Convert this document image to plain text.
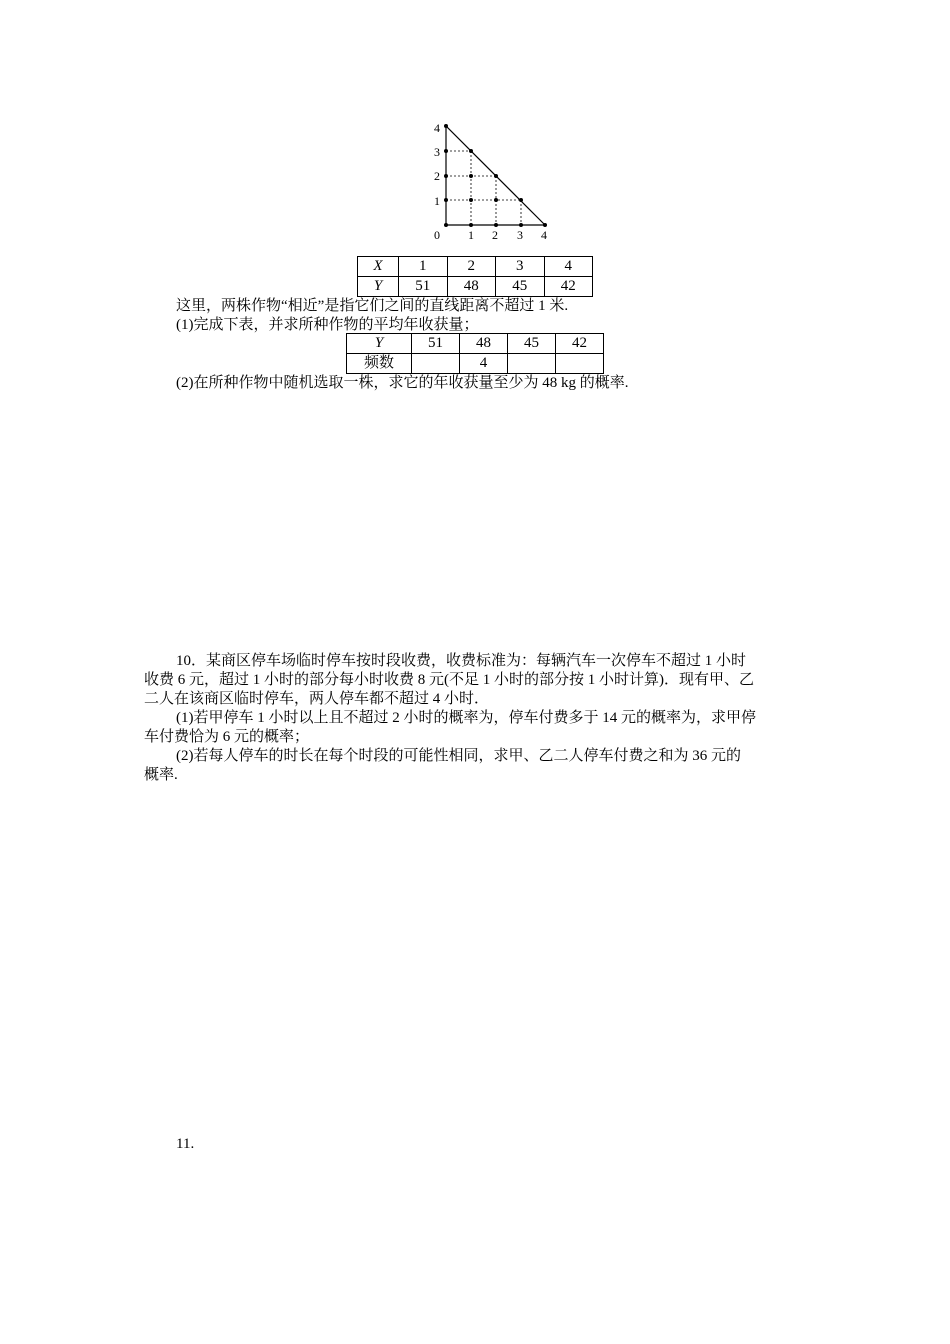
0 1 2 3 4
1
2
3
4
X	1	2	3	4
Y	51	48	45	42
这里，两株作物“相近”是指它们之间的直线距离不超过 1 米.
(1)完成下表，并求所种作物的平均年收获量；
Y	51	48	45	42
频数		4		
(2)在所种作物中随机选取一株，求它的年收获量至少为 48 kg 的概率.
10．某商区停车场临时停车按时段收费，收费标准为：每辆汽车一次停车不超过 1 小时
收费 6 元，超过 1 小时的部分每小时收费 8 元(不足 1 小时的部分按 1 小时计算)．现有甲、乙
二人在该商区临时停车，两人停车都不超过 4 小时．
(1)若甲停车 1 小时以上且不超过 2 小时的概率为，停车付费多于 14 元的概率为，求甲停
车付费恰为 6 元的概率；
(2)若每人停车的时长在每个时段的可能性相同，求甲、乙二人停车付费之和为 36 元的
概率.
11.
